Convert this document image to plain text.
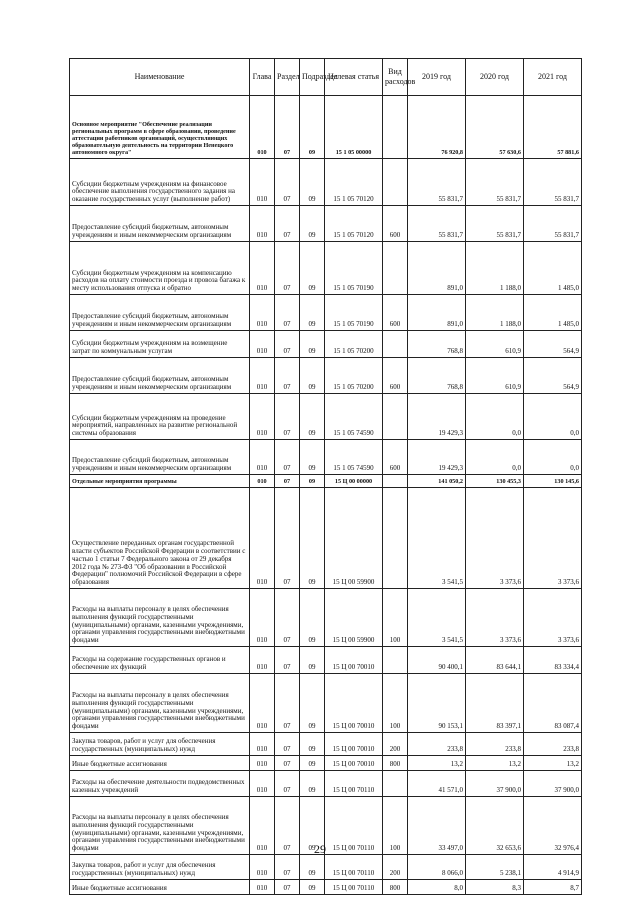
Наименование	Глава	Раздел	Подраздел	Целевая статья	Вид расходов	2019 год	2020 год	2021 год
Основное мероприятие "Обеспечение реализации региональных программ в сфере образования, проведение аттестации работников организаций, осуществляющих образовательную деятельность на территории Ненецкого автономного округа"	010	07	09	15 1 05 00000		76 920,8	57 630,6	57 881,6
Субсидии бюджетным учреждениям на финансовое обеспечение выполнения государственного задания на оказание государственных услуг (выполнение работ)	010	07	09	15 1 05 70120		55 831,7	55 831,7	55 831,7
Предоставление субсидий бюджетным, автономным учреждениям и иным некоммерческим организациям	010	07	09	15 1 05 70120	600	55 831,7	55 831,7	55 831,7
Субсидии бюджетным учреждениям на компенсацию расходов на оплату стоимости проезда и провоза багажа к месту использования отпуска и обратно	010	07	09	15 1 05 70190		891,0	1 188,0	1 485,0
Предоставление субсидий бюджетным, автономным учреждениям и иным некоммерческим организациям	010	07	09	15 1 05 70190	600	891,0	1 188,0	1 485,0
Субсидии бюджетным учреждениям на возмещение затрат по коммунальным услугам	010	07	09	15 1 05 70200		768,8	610,9	564,9
Предоставление субсидий бюджетным, автономным учреждениям и иным некоммерческим организациям	010	07	09	15 1 05 70200	600	768,8	610,9	564,9
Субсидии бюджетным учреждениям на проведение мероприятий, направленных на развитие региональной системы образования	010	07	09	15 1 05 74590		19 429,3	0,0	0,0
Предоставление субсидий бюджетным, автономным учреждениям и иным некоммерческим организациям	010	07	09	15 1 05 74590	600	19 429,3	0,0	0,0
Отдельные мероприятия программы	010	07	09	15 Ц 00 00000		141 050,2	130 455,3	130 145,6
Осуществление переданных органам государственной власти субъектов Российской Федерации в соответствии с частью 1 статьи 7 Федерального закона от 29 декабря 2012 года № 273-ФЗ "Об образовании в Российской Федерации" полномочий Российской Федерации в сфере образования	010	07	09	15 Ц 00 59900		3 541,5	3 373,6	3 373,6
Расходы на выплаты персоналу в целях обеспечения выполнения функций государственными (муниципальными) органами, казенными учреждениями, органами управления государственными внебюджетными фондами	010	07	09	15 Ц 00 59900	100	3 541,5	3 373,6	3 373,6
Расходы на содержание государственных органов и обеспечение их функций	010	07	09	15 Ц 00 70010		90 400,1	83 644,1	83 334,4
Расходы на выплаты персоналу в целях обеспечения выполнения функций государственными (муниципальными) органами, казенными учреждениями, органами управления государственными внебюджетными фондами	010	07	09	15 Ц 00 70010	100	90 153,1	83 397,1	83 087,4
Закупка товаров, работ и услуг для обеспечения государственных (муниципальных) нужд	010	07	09	15 Ц 00 70010	200	233,8	233,8	233,8
Иные бюджетные ассигнования	010	07	09	15 Ц 00 70010	800	13,2	13,2	13,2
Расходы на обеспечение деятельности подведомственных казенных учреждений	010	07	09	15 Ц 00 70110		41 571,0	37 900,0	37 900,0
Расходы на выплаты персоналу в целях обеспечения выполнения функций государственными (муниципальными) органами, казенными учреждениями, органами управления государственными внебюджетными фондами	010	07	09	15 Ц 00 70110	100	33 497,0	32 653,6	32 976,4
Закупка товаров, работ и услуг для обеспечения государственных (муниципальных) нужд	010	07	09	15 Ц 00 70110	200	8 066,0	5 238,1	4 914,9
Иные бюджетные ассигнования	010	07	09	15 Ц 00 70110	800	8,0	8,3	8,7
29
